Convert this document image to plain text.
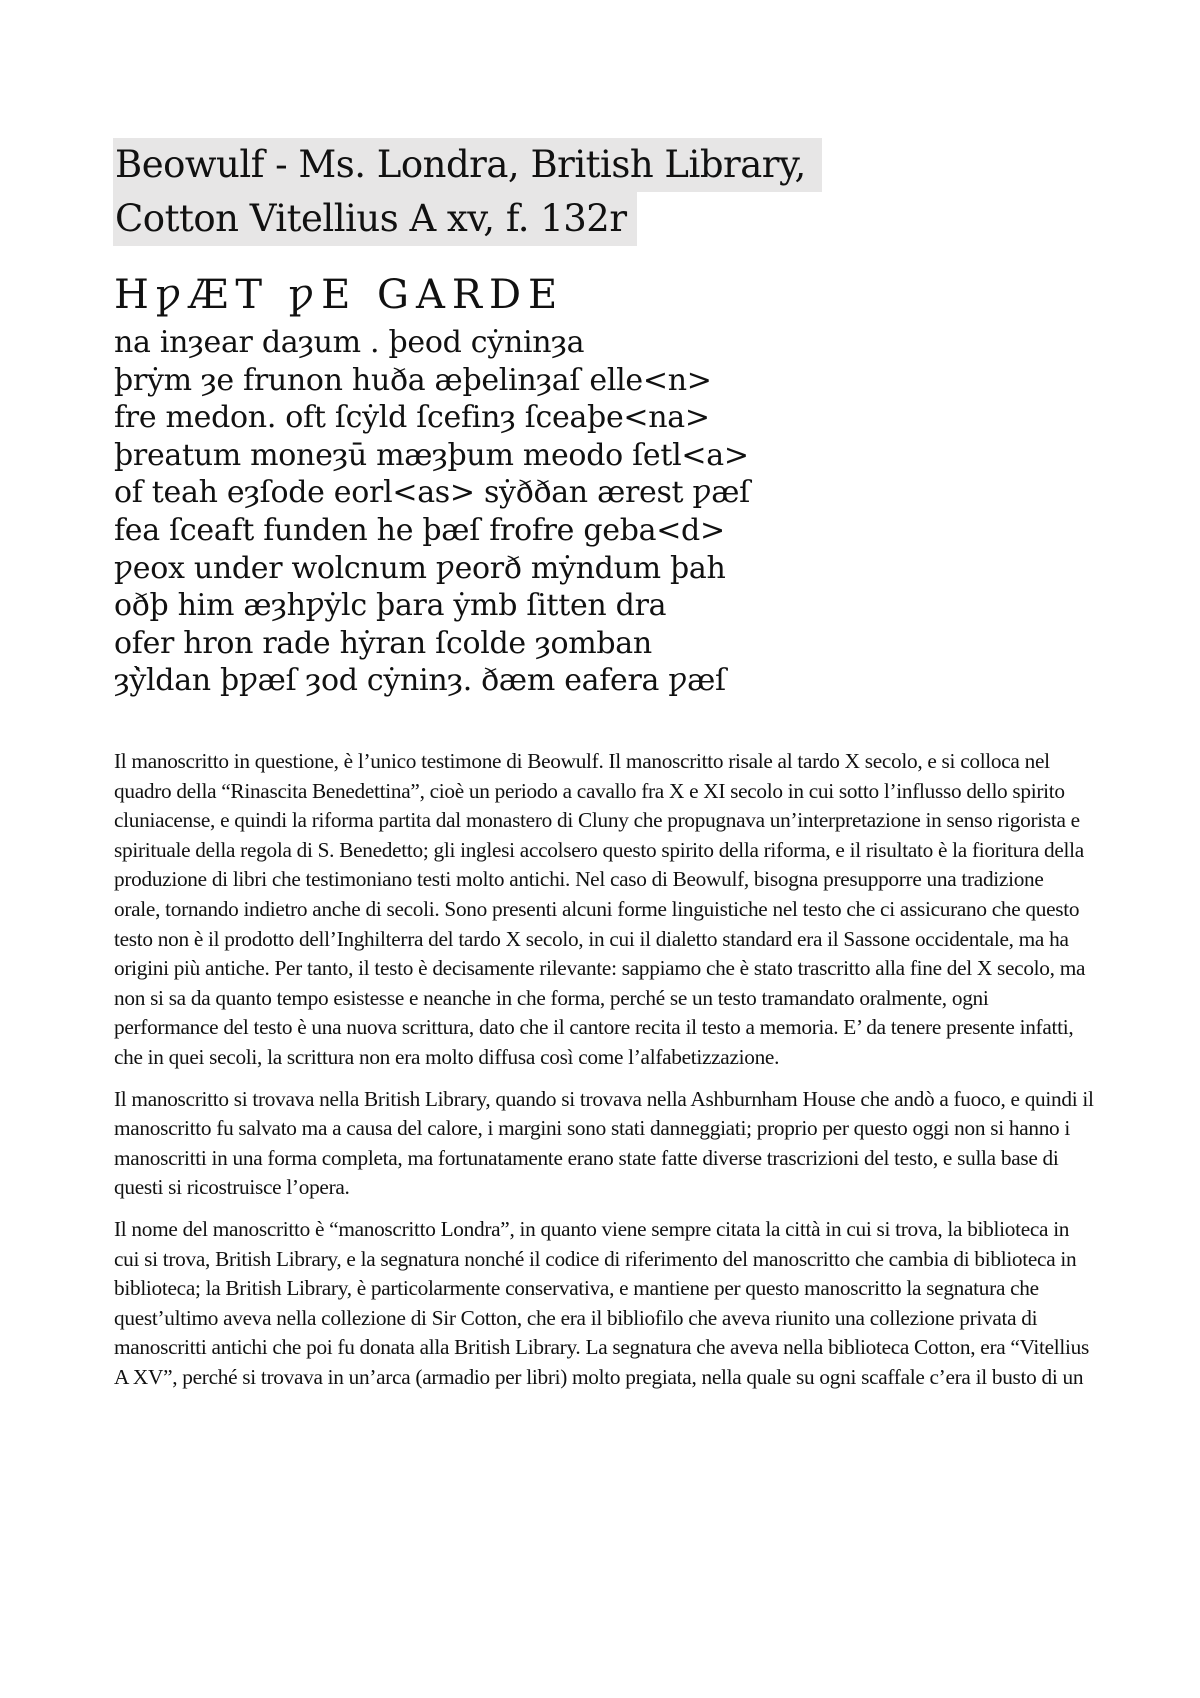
Beowulf - Ms. Londra, British Library,
Cotton Vitellius A xv, f. 132r
HƿÆT ƿE GARDE
na inȝear daȝum . þeod cẏninȝa
þrẏm ȝe frunon huða æþelinȝaſ elle<n>
fre medon. oft ſcẏld ſcefinȝ ſceaþe<na>
þreatum moneȝū mæȝþum meodo ſetl<a>
of teah eȝſode eorl<as> sẏððan ærest ƿæſ
fea ſceaft funden he þæſ frofre geba<d>
ƿeox under wolcnum ƿeorð mẏndum þah
oðþ him æȝhƿẏlc þara ẏmb ſitten dra
ofer hron rade hẏran ſcolde ȝomban
ȝẏ̀ldan þƿæſ ȝod cẏninȝ. ðæm eafera ƿæſ

Il manoscritto in questione, è l’unico testimone di Beowulf. Il manoscritto risale al tardo X secolo, e si colloca nel quadro della “Rinascita Benedettina”, cioè un periodo a cavallo fra X e XI secolo in cui sotto l’influsso dello spirito cluniacense, e quindi la riforma partita dal monastero di Cluny che propugnava un’interpretazione in senso rigorista e spirituale della regola di S. Benedetto; gli inglesi accolsero questo spirito della riforma, e il risultato è la fioritura della produzione di libri che testimoniano testi molto antichi. Nel caso di Beowulf, bisogna presupporre una tradizione orale, tornando indietro anche di secoli. Sono presenti alcuni forme linguistiche nel testo che ci assicurano che questo testo non è il prodotto dell’Inghilterra del tardo X secolo, in cui il dialetto standard era il Sassone occidentale, ma ha origini più antiche. Per tanto, il testo è decisamente rilevante: sappiamo che è stato trascritto alla fine del X secolo, ma non si sa da quanto tempo esistesse e neanche in che forma, perché se un testo tramandato oralmente, ogni performance del testo è una nuova scrittura, dato che il cantore recita il testo a memoria. E’ da tenere presente infatti, che in quei secoli, la scrittura non era molto diffusa così come l’alfabetizzazione.

Il manoscritto si trovava nella British Library, quando si trovava nella Ashburnham House che andò a fuoco, e quindi il manoscritto fu salvato ma a causa del calore, i margini sono stati danneggiati; proprio per questo oggi non si hanno i manoscritti in una forma completa, ma fortunatamente erano state fatte diverse trascrizioni del testo, e sulla base di questi si ricostruisce l’opera.

Il nome del manoscritto è “manoscritto Londra”, in quanto viene sempre citata la città in cui si trova, la biblioteca in cui si trova, British Library, e la segnatura nonché il codice di riferimento del manoscritto che cambia di biblioteca in biblioteca; la British Library, è particolarmente conservativa, e mantiene per questo manoscritto la segnatura che quest’ultimo aveva nella collezione di Sir Cotton, che era il bibliofilo che aveva riunito una collezione privata di manoscritti antichi che poi fu donata alla British Library. La segnatura che aveva nella biblioteca Cotton, era “Vitellius A XV”, perché si trovava in un’arca (armadio per libri) molto pregiata, nella quale su ogni scaffale c’era il busto di un
